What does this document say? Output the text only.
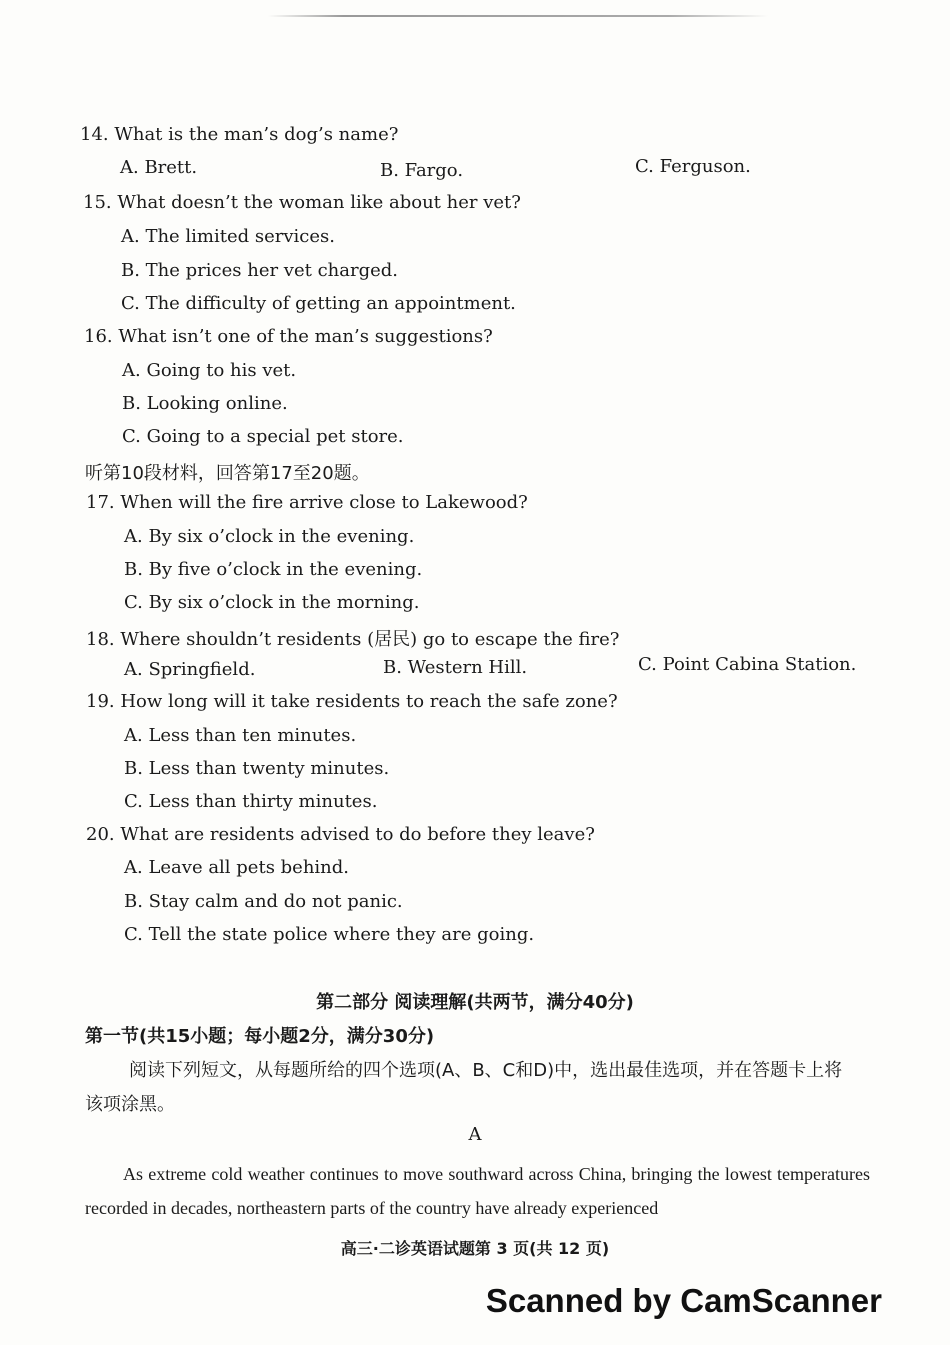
14. What is the man’s dog’s name?
A. Brett.	B. Fargo.	C. Ferguson.
15. What doesn’t the woman like about her vet?
A. The limited services.
B. The prices her vet charged.
C. The difficulty of getting an appointment.
16. What isn’t one of the man’s suggestions?
A. Going to his vet.
B. Looking online.
C. Going to a special pet store.
听第10段材料，回答第17至20题。
17. When will the fire arrive close to Lakewood?
A. By six o’clock in the evening.
B. By five o’clock in the evening.
C. By six o’clock in the morning.
18. Where shouldn’t residents (居民) go to escape the fire?
A. Springfield.	B. Western Hill.	C. Point Cabina Station.
19. How long will it take residents to reach the safe zone?
A. Less than ten minutes.
B. Less than twenty minutes.
C. Less than thirty minutes.
20. What are residents advised to do before they leave?
A. Leave all pets behind.
B. Stay calm and do not panic.
C. Tell the state police where they are going.
第二部分 阅读理解(共两节，满分40分)
第一节(共15小题；每小题2分，满分30分)
阅读下列短文，从每题所给的四个选项(A、B、C和D)中，选出最佳选项，并在答题卡上将该项涂黑。
A
As extreme cold weather continues to move southward across China, bringing the lowest temperatures recorded in decades, northeastern parts of the country have already experienced
高三·二诊英语试题第 3 页(共 12 页)
Scanned by CamScanner
